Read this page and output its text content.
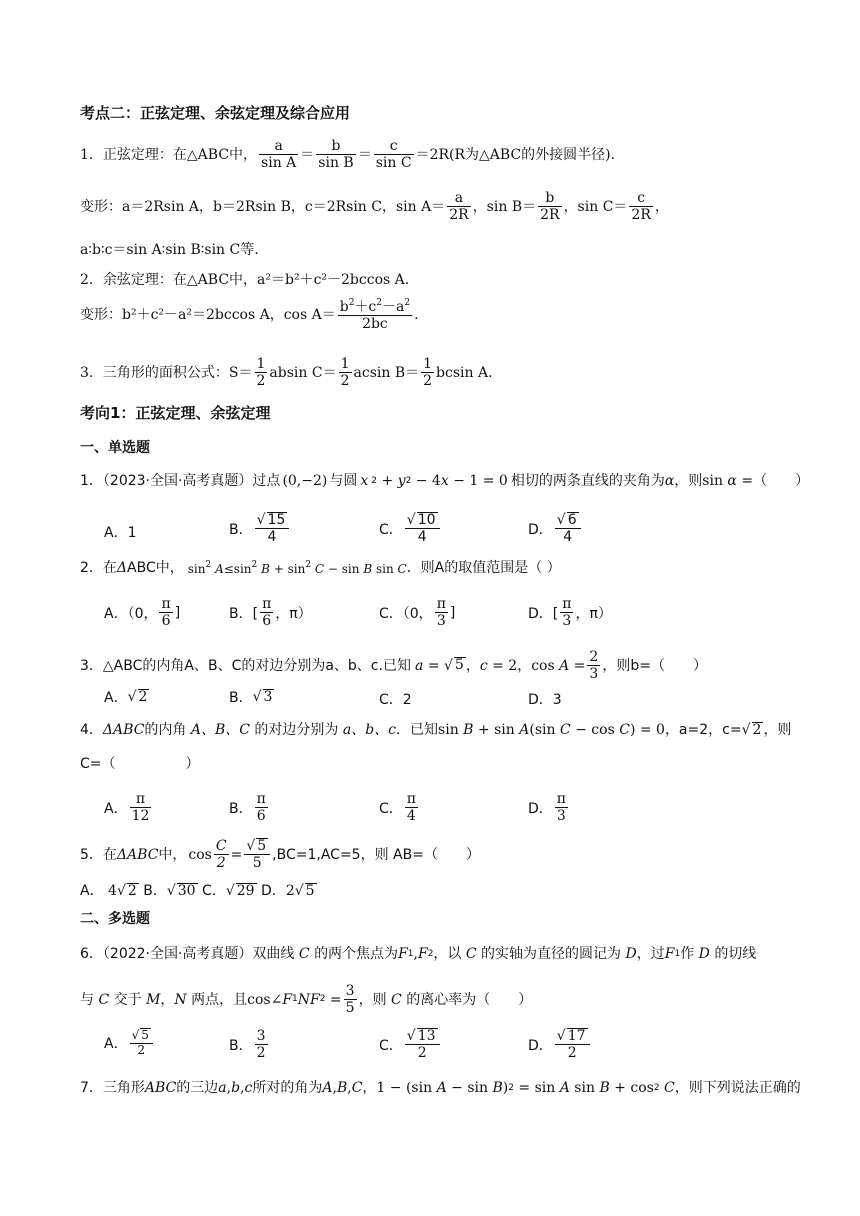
考点二：正弦定理、余弦定理及综合应用
1．正弦定理：在△ABC中， $\frac{a}{\text{sin A}} = \frac{b}{\text{sin B}} = \frac{c}{\text{sin C}} =2R(R$为△ABC的外接圆半径).
变形：a＝2Rsin A，b＝2Rsin B，c＝2Rsin C，$\sin A= \frac{a}{2R}$ ，$\sin B= \frac{b}{2R}$ ，$\sin C= \frac{c}{2R}$ ，
a∶b∶c＝sin A∶sin B∶sin C等.
2．余弦定理：在△ABC中，a²＝b²＋c²－2bccos A.
变形：b²＋c²－a²＝2bccos A，$\cos A= \frac{b^2+c^2-a^2}{2bc}$ .
3．三角形的面积公式：$S= \frac{1}{2}$ absin $C= \frac{1}{2}$ acsin $B= \frac{1}{2}$ bcsin A.
考向1：正弦定理、余弦定理
一、单选题
1．（2023·全国·高考真题）过点 (0,−2) 与圆 x 2 + y 2 − 4 x − 1 = 0 相切的两条直线的夹角为 α ，则 sin α = （　　）
A．1	B． $\frac{√ 15}{4}$	C． $\frac{√ 10}{4}$	D． $\frac{√ 6}{4}$
2．在 Δ ABC中， $\sin^2 A\le\sin^2$ $B + \sin^2 C - \sin B$ sin C ．则A的取值范围是（ ）
A．（0， $\frac{\pi}{6}$ ]	B．[ $\frac{\pi}{6}$ ，π）	C．（0， $\frac{\pi}{3}$ ]	D．[ $\frac{\pi}{3}$ ，π）
3．△ABC的内角A、B、C的对边分别为a、b、c.已知 a = √ 5 ， c = 2 ， $\cos A = \frac{2}{3}$ ，则b=（　　）
A． √ 2	B． √ 3	C．2	D．3
4． ΔABC 的内角 A、B、C 的对边分别为 a、b、c ．已知 sin B + sin A (sin C − cos C ) = 0 ，a=2，c= √ 2 ，则
C=（　　　　　）
A． $\frac{\pi}{12}$	B． $\frac{\pi}{6}$	C． $\frac{\pi}{4}$	D． $\frac{\pi}{3}$
5．在 ΔABC 中， $\cos \frac{C}{2} = \frac{√ 5}{5} ,BC=1,AC=5$，则 AB=（　　）
A． 4 √ 2 B． √ 30 C． √ 29 D． 2 √ 5
二、多选题
6．（2022·全国·高考真题）双曲线 C 的两个焦点为 F 1 , F 2 ，以 C 的实轴为直径的圆记为 D ，过 F 1 作 D 的切线
与 C 交于 M ， N 两点，且 cos∠ F 1 NF $2 = \frac{3}{5}$ ，则 C 的离心率为（　　）
A． $\frac{√ 5}{2}$	B． $\frac{3}{2}$	C． $\frac{√ 13}{2}$	D． $\frac{√ 17}{2}$
7．三角形 ABC 的三边 a , b , c 所对的角为 A , B , C ， 1 − (sin A − sin B ) 2 = sin A sin B + cos 2 C ，则下列说法正确的
